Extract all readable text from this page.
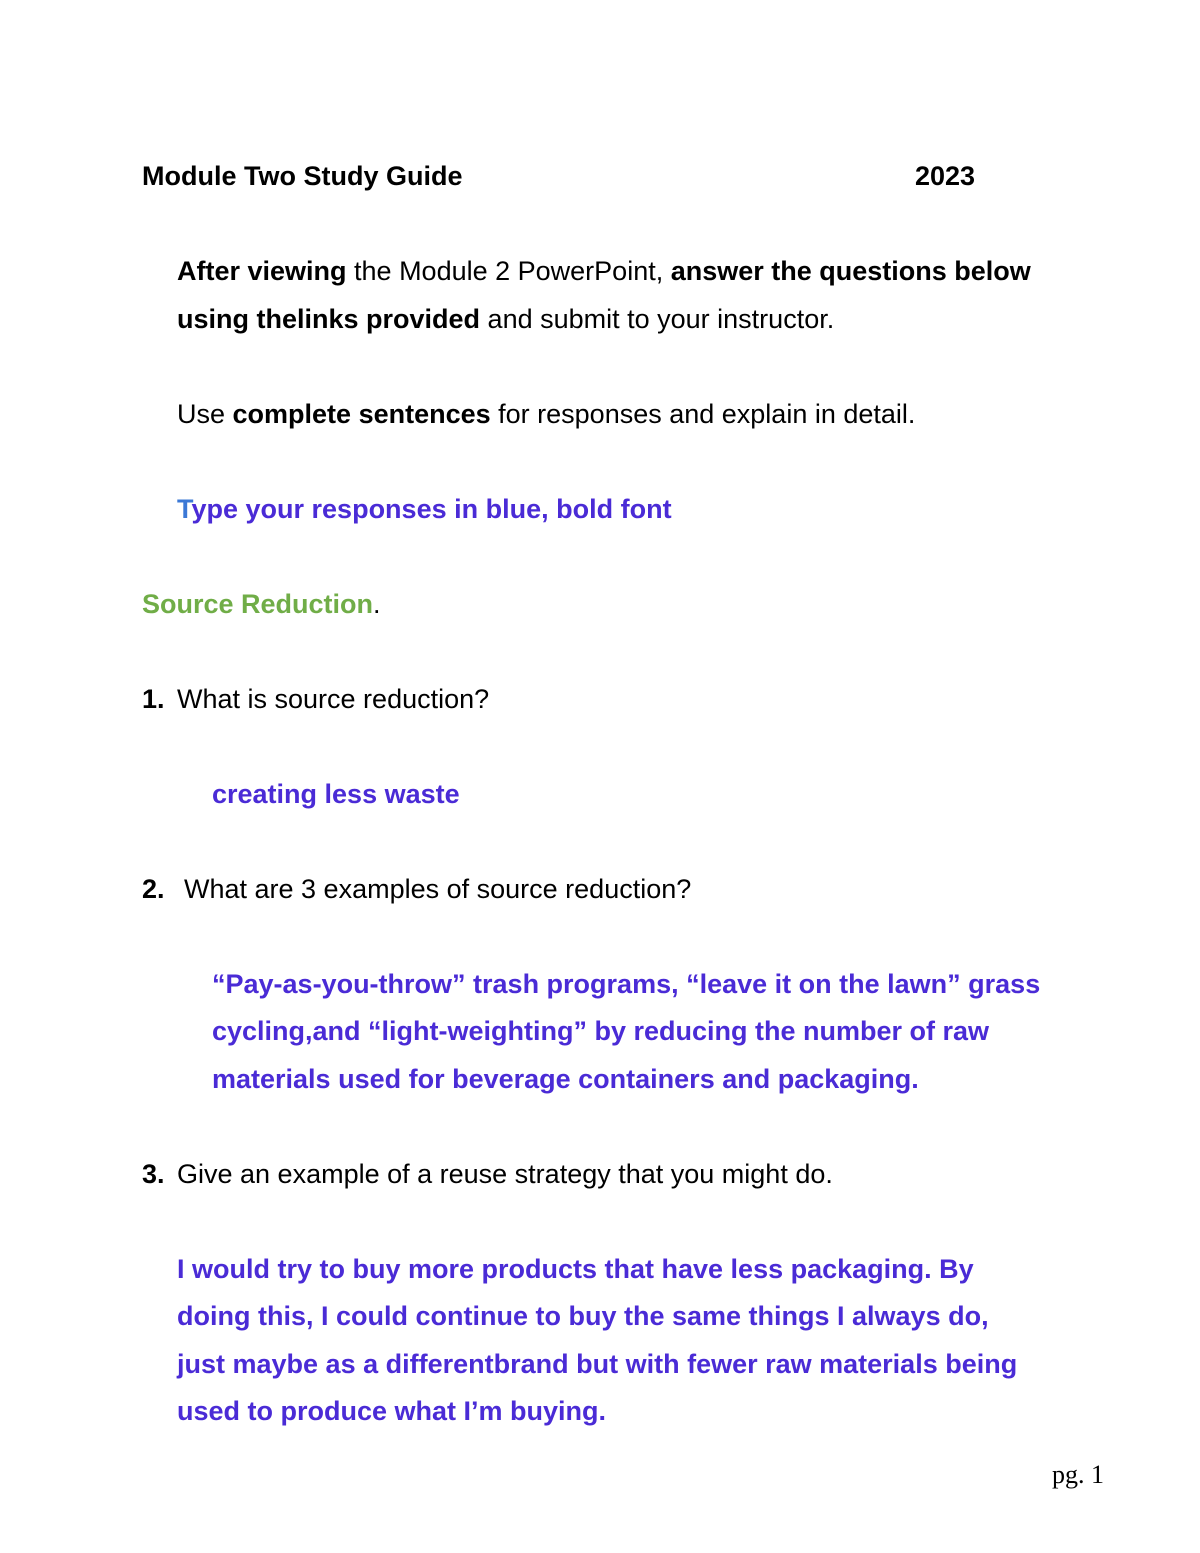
Module Two Study Guide	2023
After viewing the Module 2 PowerPoint, answer the questions below
using thelinks provided and submit to your instructor.
Use complete sentences for responses and explain in detail.
Type your responses in blue, bold font
Source Reduction.
1. What is source reduction?
creating less waste
2. What are 3 examples of source reduction?
“Pay-as-you-throw” trash programs, “leave it on the lawn” grass
cycling,and “light-weighting” by reducing the number of raw
materials used for beverage containers and packaging.
3. Give an example of a reuse strategy that you might do.
I would try to buy more products that have less packaging. By
doing this, I could continue to buy the same things I always do,
just maybe as a differentbrand but with fewer raw materials being
used to produce what I’m buying.
pg. 1
